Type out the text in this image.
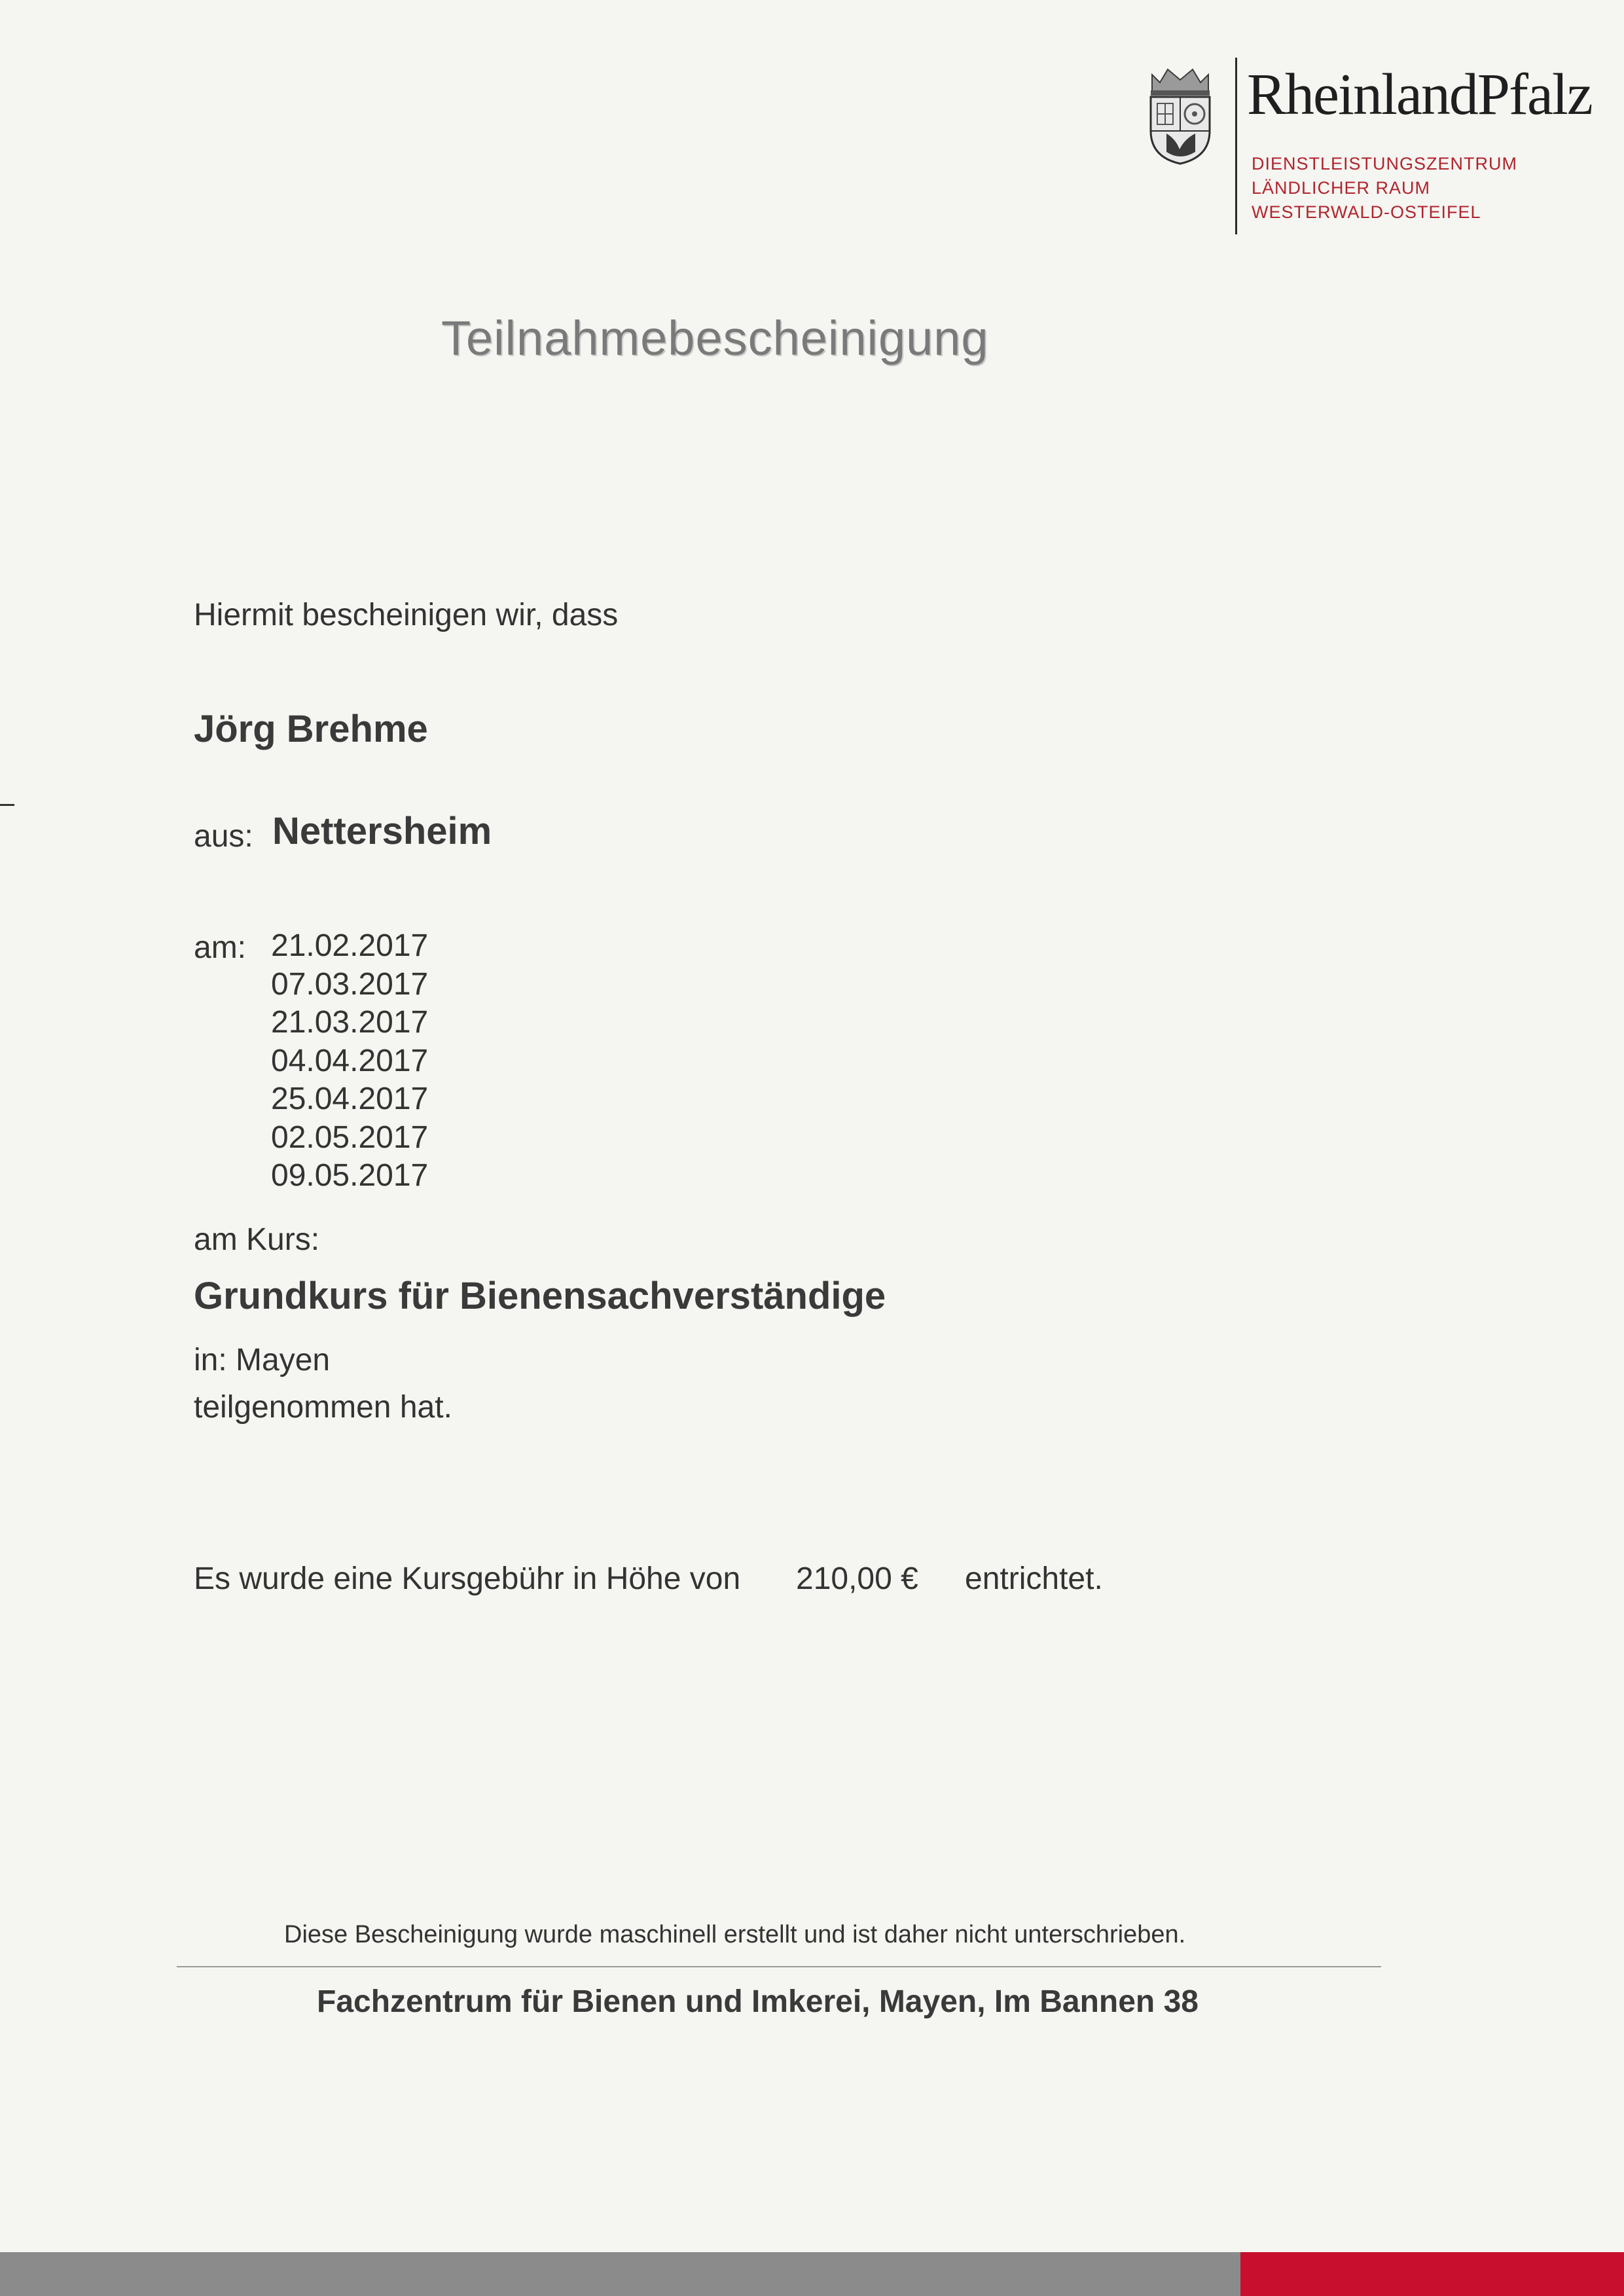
RheinlandPfalz
DIENSTLEISTUNGSZENTRUM
LÄNDLICHER RAUM
WESTERWALD-OSTEIFEL
Teilnahmebescheinigung
Hiermit bescheinigen wir, dass
Jörg Brehme
aus: Nettersheim
am: 21.02.2017
07.03.2017
21.03.2017
04.04.2017
25.04.2017
02.05.2017
09.05.2017
am Kurs:
Grundkurs für Bienensachverständige
in: Mayen
teilgenommen hat.
Es wurde eine Kursgebühr in Höhe von 210,00 € entrichtet.
Diese Bescheinigung wurde maschinell erstellt und ist daher nicht unterschrieben.
Fachzentrum für Bienen und Imkerei, Mayen, Im Bannen 38
